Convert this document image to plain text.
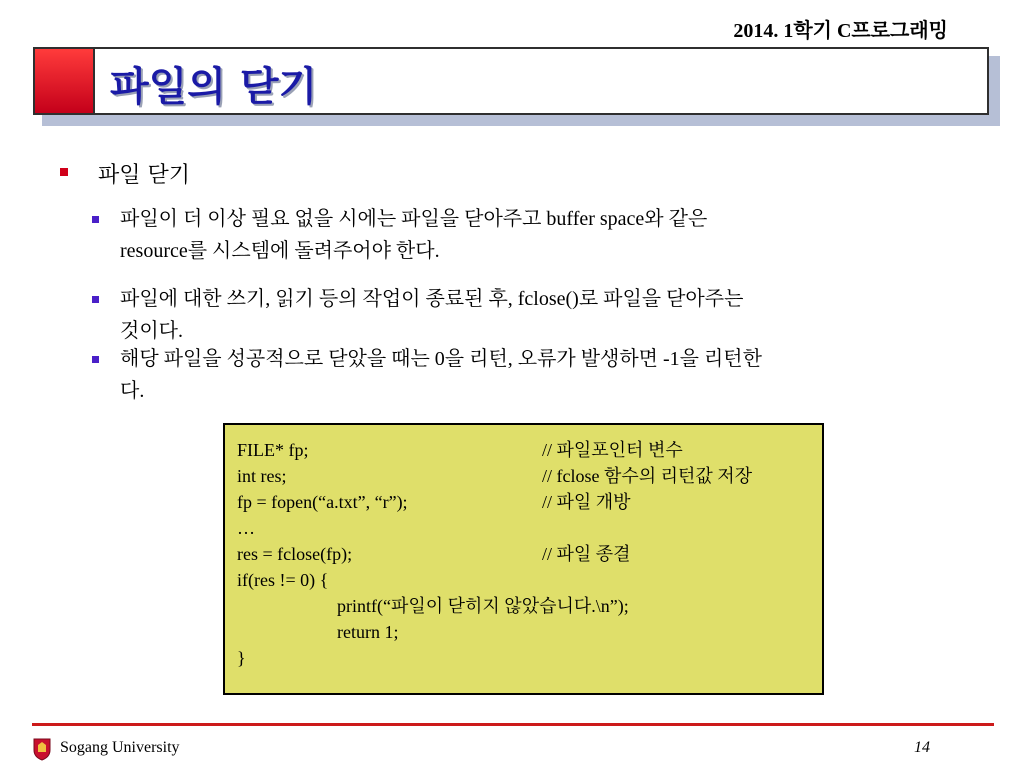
2014. 1학기 C프로그래밍
파일의 닫기
파일 닫기
FILE* fp;	// 파일포인터 변수
int res;	// fclose 함수의 리턴값 저장
fp = fopen(“a.txt”, “r”);	// 파일 개방
…
res = fclose(fp);	// 파일 종결
if(res != 0) {
printf(“파일이 닫히지 않았습니다.\n”);
return 1;
}
Sogang University	14
파일이 더 이상 필요 없을 시에는 파일을 닫아주고 buffer space와 같은
resource를 시스템에 돌려주어야 한다.
파일에 대한 쓰기, 읽기 등의 작업이 종료된 후, fclose()로 파일을 닫아주는
것이다.
해당 파일을 성공적으로 닫았을 때는 0을 리턴, 오류가 발생하면 -1을 리턴한
다.
